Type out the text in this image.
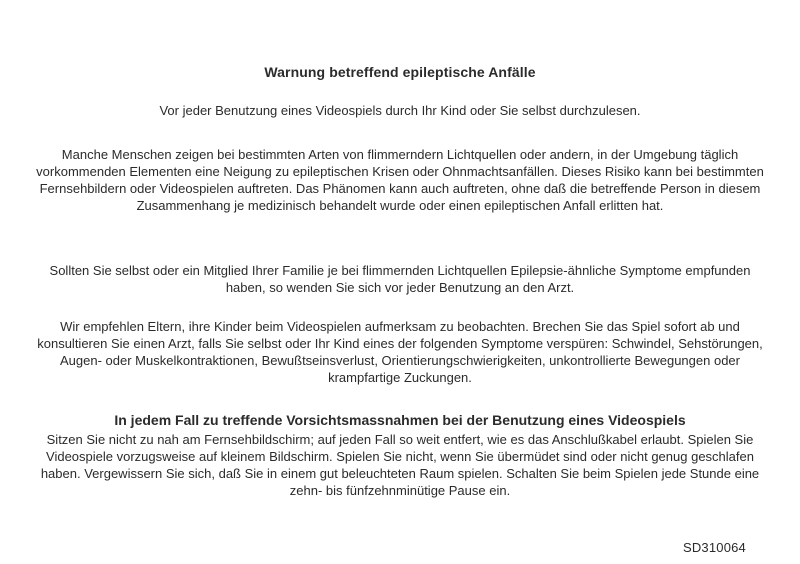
Warnung betreffend epileptische Anfälle
Vor jeder Benutzung eines Videospiels durch Ihr Kind oder Sie selbst durchzulesen.
Manche Menschen zeigen bei bestimmten Arten von flimmerndern Lichtquellen oder andern, in der Umgebung täglich vorkommenden Elementen eine Neigung zu epileptischen Krisen oder Ohnmachtsanfällen. Dieses Risiko kann bei bestimmten Fernsehbildern oder Videospielen auftreten. Das Phänomen kann auch auftreten, ohne daß die betreffende Person in diesem Zusammenhang je medizinisch behandelt wurde oder einen epileptischen Anfall erlitten hat.
Sollten Sie selbst oder ein Mitglied Ihrer Familie je bei flimmernden Lichtquellen Epilepsie-ähnliche Symptome empfunden haben, so wenden Sie sich vor jeder Benutzung an den Arzt.
Wir empfehlen Eltern, ihre Kinder beim Videospielen aufmerksam zu beobachten. Brechen Sie das Spiel sofort ab und konsultieren Sie einen Arzt, falls Sie selbst oder Ihr Kind eines der folgenden Symptome verspüren: Schwindel, Sehstörungen, Augen- oder Muskelkontraktionen, Bewußtseinsverlust, Orientierungschwierigkeiten, unkontrollierte Bewegungen oder krampfartige Zuckungen.
In jedem Fall zu treffende Vorsichtsmassnahmen bei der Benutzung eines Videospiels
Sitzen Sie nicht zu nah am Fernsehbildschirm; auf jeden Fall so weit entfert, wie es das Anschlußkabel erlaubt. Spielen Sie Videospiele vorzugsweise auf kleinem Bildschirm. Spielen Sie nicht, wenn Sie übermüdet sind oder nicht genug geschlafen haben. Vergewissern Sie sich, daß Sie in einem gut beleuchteten Raum spielen. Schalten Sie beim Spielen jede Stunde eine zehn- bis fünfzehnminütige Pause ein.
SD310064
